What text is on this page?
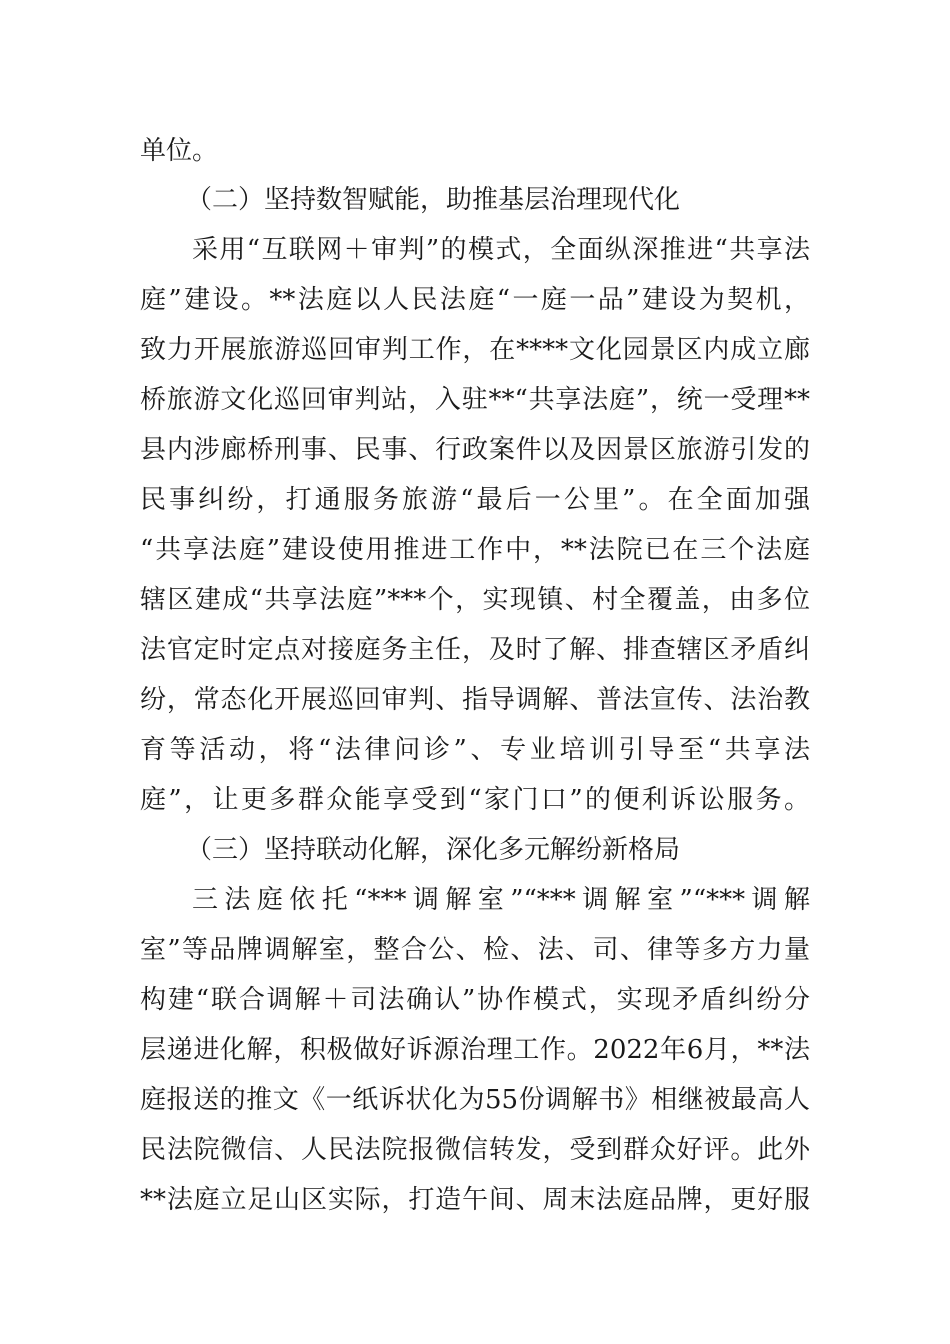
单位。
（二）坚持数智赋能，助推基层治理现代化
采用“互联网＋审判”的模式，全面纵深推进“共享法
庭”建设。**法庭以人民法庭“一庭一品”建设为契机，
致力开展旅游巡回审判工作，在****文化园景区内成立廊
桥旅游文化巡回审判站，入驻**“共享法庭”，统一受理**
县内涉廊桥刑事、民事、行政案件以及因景区旅游引发的
民事纠纷，打通服务旅游“最后一公里”。在全面加强
“共享法庭”建设使用推进工作中，**法院已在三个法庭
辖区建成“共享法庭”***个，实现镇、村全覆盖，由多位
法官定时定点对接庭务主任，及时了解、排查辖区矛盾纠
纷，常态化开展巡回审判、指导调解、普法宣传、法治教
育等活动，将“法律问诊”、专业培训引导至“共享法
庭”，让更多群众能享受到“家门口”的便利诉讼服务。
（三）坚持联动化解，深化多元解纷新格局
三法庭依托“***调解室”“***调解室”“***调解
室”等品牌调解室，整合公、检、法、司、律等多方力量
构建“联合调解＋司法确认”协作模式，实现矛盾纠纷分
层递进化解，积极做好诉源治理工作。2022年6月，**法
庭报送的推文《一纸诉状化为55份调解书》相继被最高人
民法院微信、人民法院报微信转发，受到群众好评。此外
**法庭立足山区实际，打造午间、周末法庭品牌，更好服
